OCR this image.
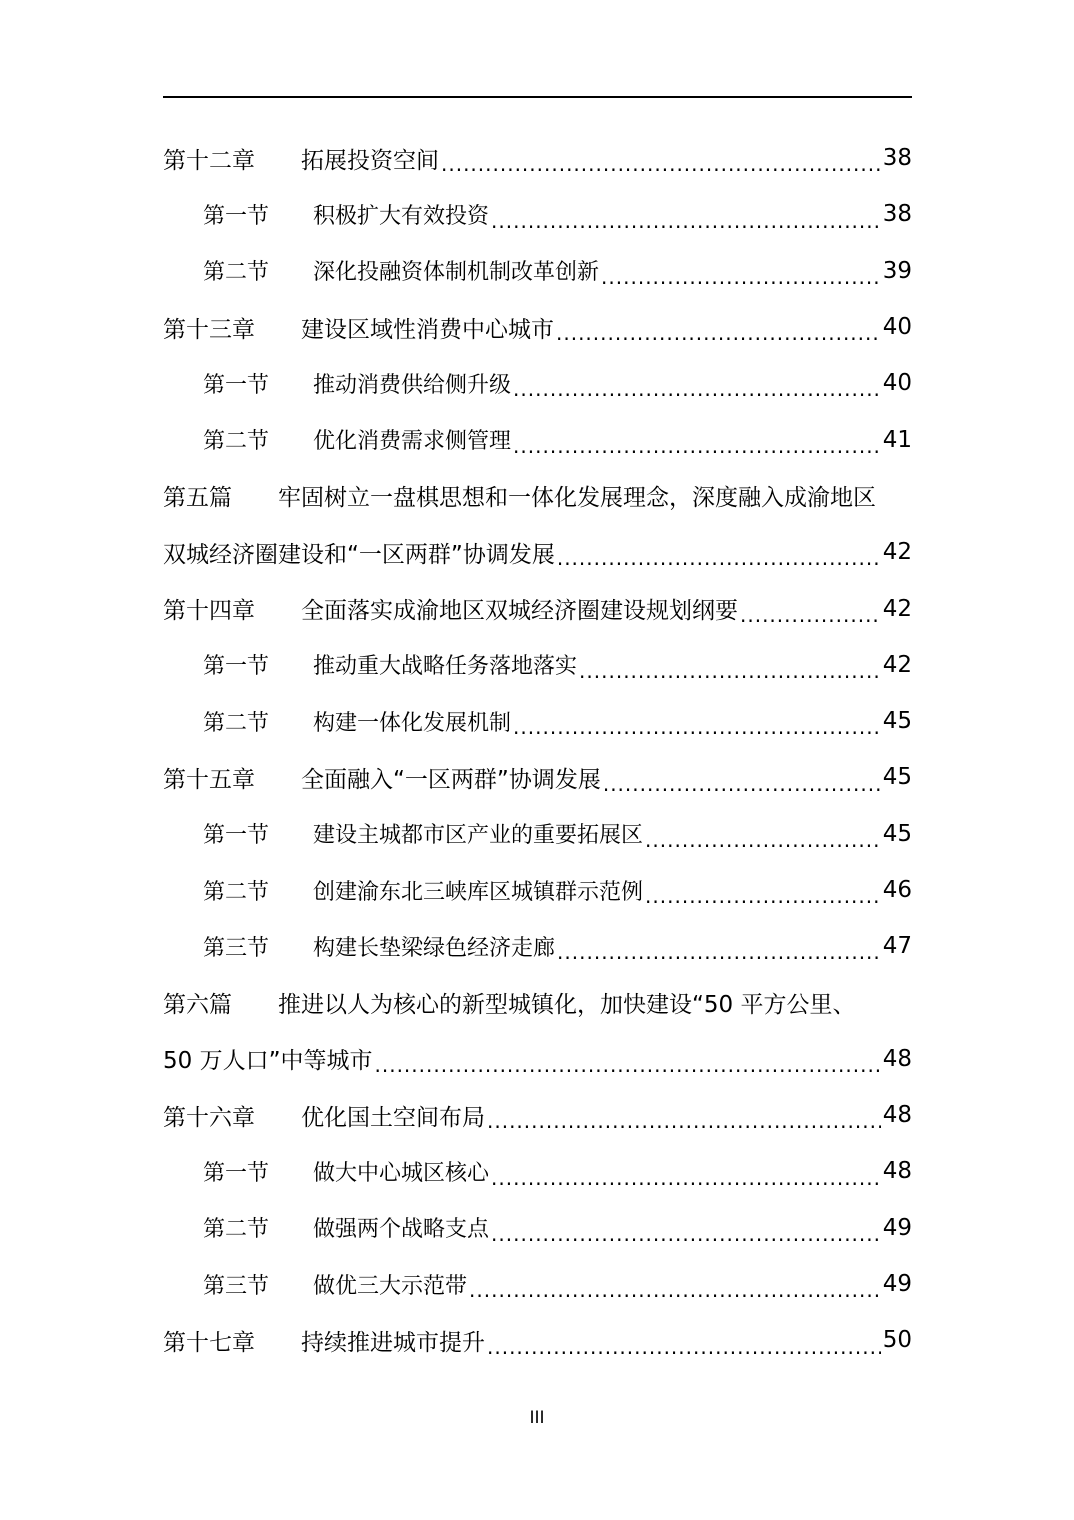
第十二章　　 拓展投资空间 .....	38
第一节　　 积极扩大有效投资 .....	38
第二节　　 深化投融资体制机制改革创新 .....	39
第十三章　　 建设区域性消费中心城市 .....	40
第一节　　 推动消费供给侧升级 .....	40
第二节　　 优化消费需求侧管理 .....	41
第五篇　　 牢固树立一盘棋思想和一体化发展理念，深度融入成渝地区
双城经济圈建设和“一区两群”协调发展 .....	42
第十四章　　 全面落实成渝地区双城经济圈建设规划纲要 .....	42
第一节　　 推动重大战略任务落地落实 .....	42
第二节　　 构建一体化发展机制 .....	45
第十五章　　 全面融入“一区两群”协调发展 .....	45
第一节　　 建设主城都市区产业的重要拓展区 .....	45
第二节　　 创建渝东北三峡库区城镇群示范例 .....	46
第三节　　 构建长垫梁绿色经济走廊 .....	47
第六篇　　 推进以人为核心的新型城镇化，加快建设“50 平方公里、
50 万人口”中等城市 .....	48
第十六章　　 优化国土空间布局 .....	48
第一节　　 做大中心城区核心 .....	48
第二节　　 做强两个战略支点 .....	49
第三节　　 做优三大示范带 .....	49
第十七章　　 持续推进城市提升 .....	50
III
